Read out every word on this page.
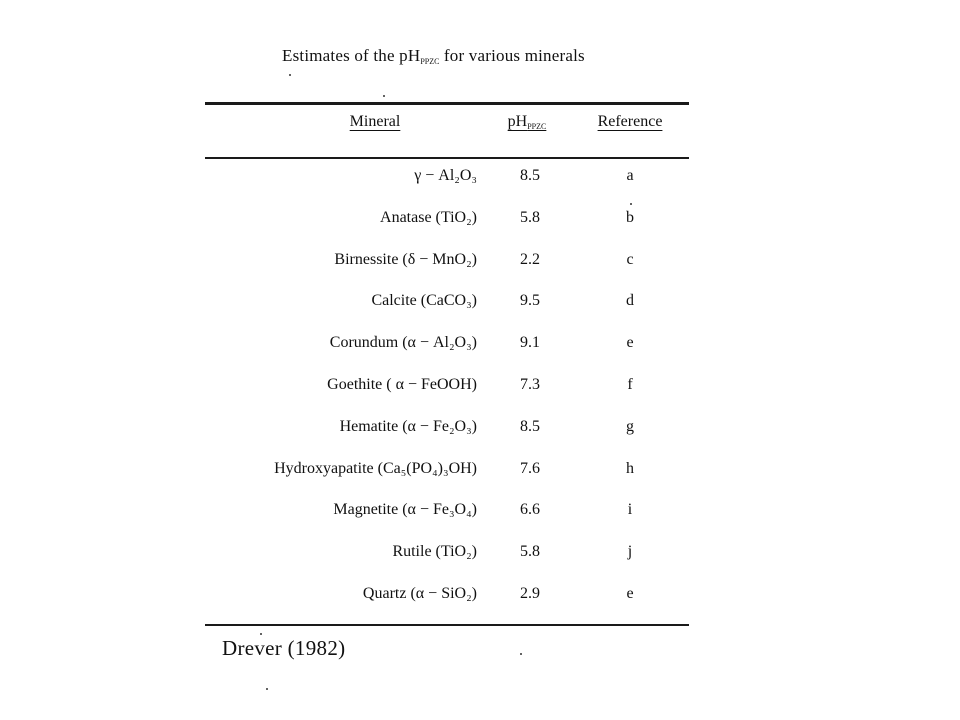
Estimates of the $pH_{PPZC}$ for various minerals
Mineral	$pH_{PPZC}$	Reference
γ − Al₂O₃	8.5	a
Anatase (TiO₂)	5.8	b
Birnessite (δ − MnO₂)	2.2	c
Calcite (CaCO₃)	9.5	d
Corundum (α − Al₂O₃)	9.1	e
Goethite ( α − FeOOH)	7.3	f
Hematite (α − Fe₂O₃)	8.5	g
Hydroxyapatite (Ca₅(PO₄)₃OH)	7.6	h
Magnetite (α − Fe₃O₄)	6.6	i
Rutile (TiO₂)	5.8	j
Quartz (α − SiO₂)	2.9	e
Drever (1982)
